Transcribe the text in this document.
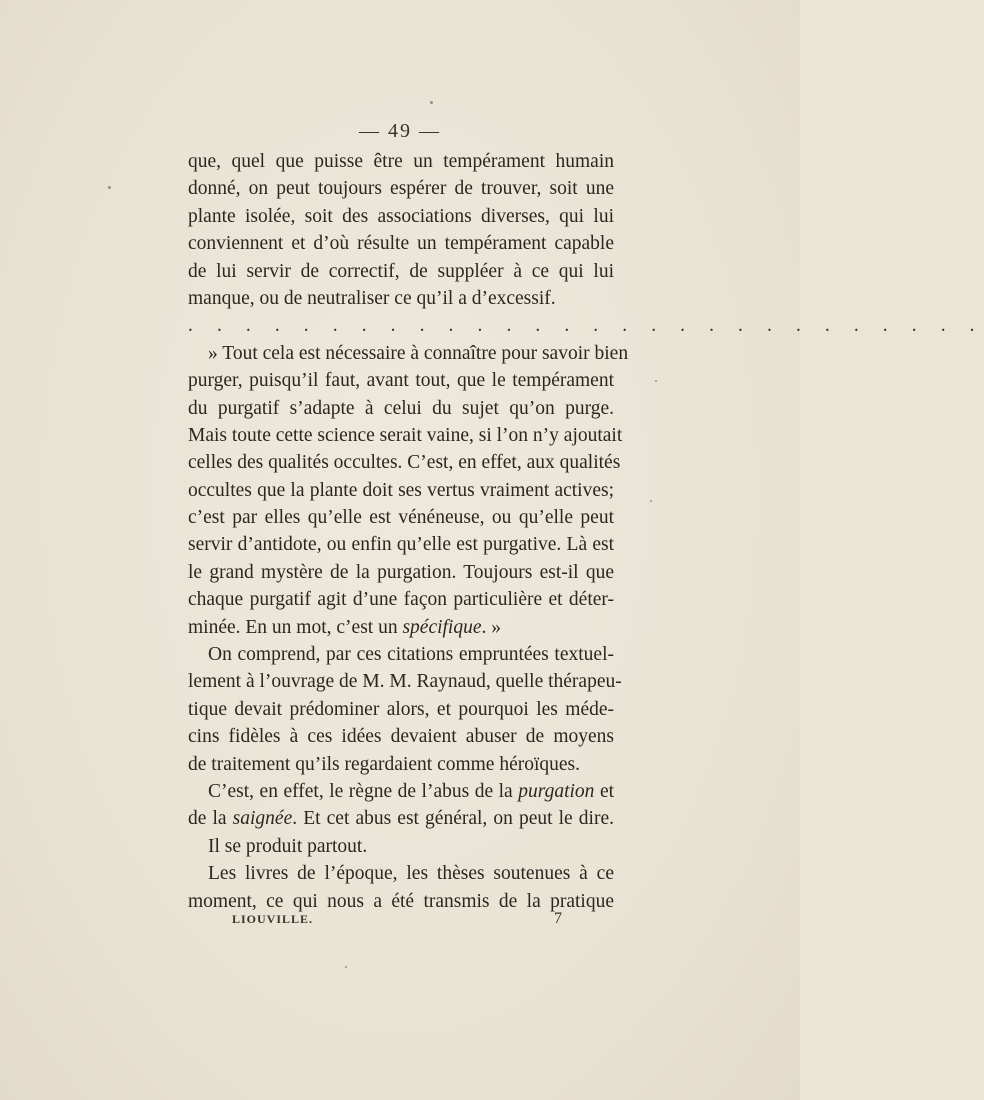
— 49 —
que, quel que puisse être un tempérament humain
donné, on peut toujours espérer de trouver, soit une
plante isolée, soit des associations diverses, qui lui
conviennent et d’où résulte un tempérament capable
de lui servir de correctif, de suppléer à ce qui lui
manque, ou de neutraliser ce qu’il a d’excessif.
. . . . . . . . . . . . . . . . . . . . . . . . . . . .
» Tout cela est nécessaire à connaître pour savoir bien
purger, puisqu’il faut, avant tout, que le tempérament
du purgatif s’adapte à celui du sujet qu’on purge.
Mais toute cette science serait vaine, si l’on n’y ajoutait
celles des qualités occultes. C’est, en effet, aux qualités
occultes que la plante doit ses vertus vraiment actives;
c’est par elles qu’elle est vénéneuse, ou qu’elle peut
servir d’antidote, ou enfin qu’elle est purgative. Là est
le grand mystère de la purgation. Toujours est-il que
chaque purgatif agit d’une façon particulière et déter-
minée. En un mot, c’est un spécifique. »
On comprend, par ces citations empruntées textuel-
lement à l’ouvrage de M. M. Raynaud, quelle thérapeu-
tique devait prédominer alors, et pourquoi les méde-
cins fidèles à ces idées devaient abuser de moyens
de traitement qu’ils regardaient comme héroïques.
C’est, en effet, le règne de l’abus de la purgation et
de la saignée. Et cet abus est général, on peut le dire.
Il se produit partout.
Les livres de l’époque, les thèses soutenues à ce
moment, ce qui nous a été transmis de la pratique
LIOUVILLE.	7
